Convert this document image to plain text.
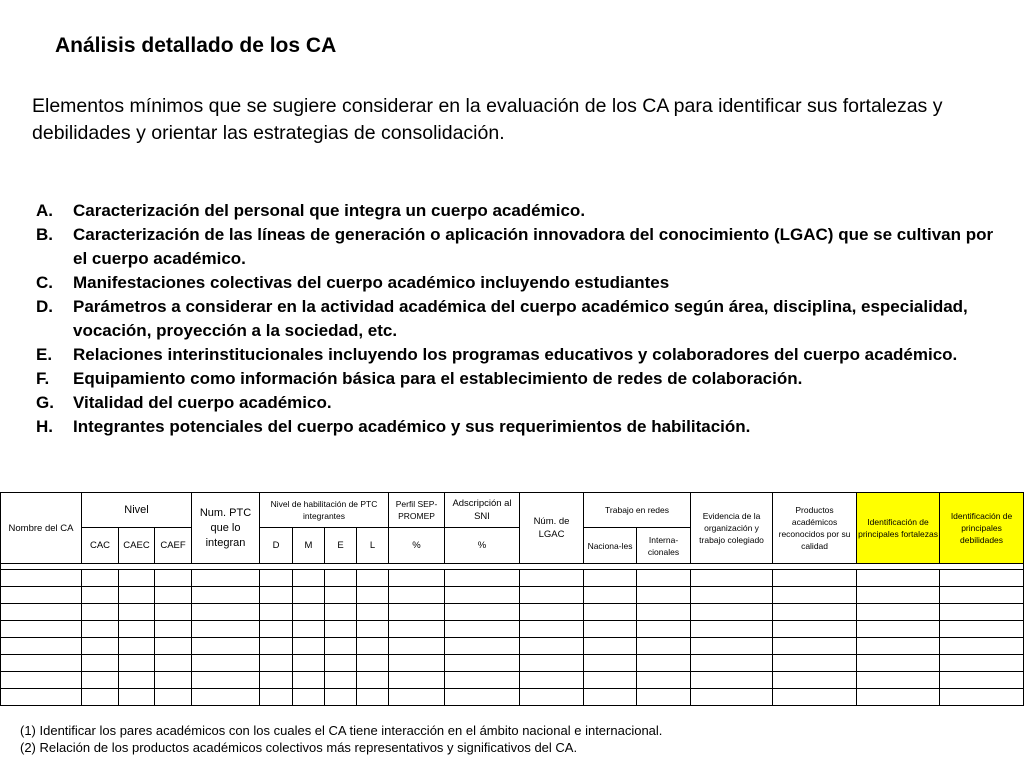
Análisis detallado de los CA
Elementos mínimos que se sugiere considerar en la evaluación de los CA para identificar sus fortalezas y debilidades y orientar las estrategias de consolidación.
A. Caracterización del personal que integra un cuerpo académico.
B. Caracterización de las líneas de generación o aplicación innovadora del conocimiento (LGAC) que se cultivan por el cuerpo académico.
C. Manifestaciones colectivas del cuerpo académico incluyendo estudiantes
D. Parámetros a considerar en la actividad académica del cuerpo académico según área, disciplina, especialidad, vocación, proyección a la sociedad, etc.
E. Relaciones interinstitucionales incluyendo los programas educativos y colaboradores del cuerpo académico.
F. Equipamiento como información básica para el establecimiento de redes de colaboración.
G. Vitalidad del cuerpo académico.
H. Integrantes potenciales del cuerpo académico y sus requerimientos de habilitación.
Nombre del CA	Nivel			Num. PTC que lo integran	Nivel de habilitación de PTC integrantes				Perfil SEP-PROMEP	Adscripción al SNI	Núm. de LGAC	Trabajo en redes		Evidencia de la organización y trabajo colegiado	Productos académicos reconocidos por su calidad	Identificación de principales fortalezas	Identificación de principales debilidades
	CAC	CAEC	CAEF		D	M	E	L	%	%		Naciona-les	Interna-cionales				

(1) Identificar los pares académicos con los cuales el CA tiene interacción en el ámbito nacional e internacional.
(2) Relación de los productos académicos colectivos más representativos y significativos del CA.
